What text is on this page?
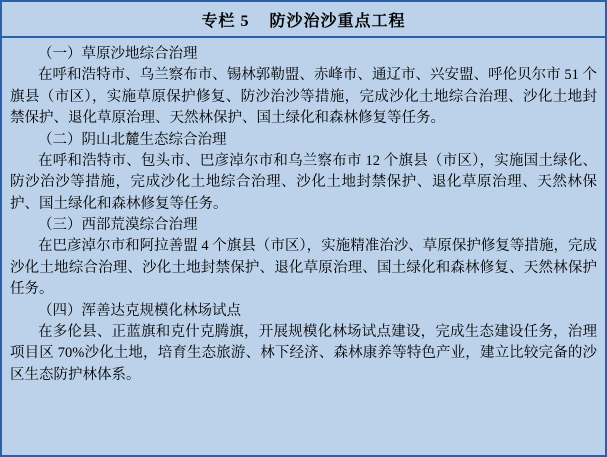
专栏 5    防沙治沙重点工程

（一）草原沙地综合治理

在呼和浩特市、乌兰察布市、锡林郭勒盟、赤峰市、通辽市、兴安盟、呼伦贝尔市 51 个旗县（市区），实施草原保护修复、防沙治沙等措施，完成沙化土地综合治理、沙化土地封禁保护、退化草原治理、天然林保护、国土绿化和森林修复等任务。

（二）阴山北麓生态综合治理

在呼和浩特市、包头市、巴彦淖尔市和乌兰察布市 12 个旗县（市区），实施国土绿化、防沙治沙等措施，完成沙化土地综合治理、沙化土地封禁保护、退化草原治理、天然林保护、国土绿化和森林修复等任务。

（三）西部荒漠综合治理

在巴彦淖尔市和阿拉善盟 4 个旗县（市区），实施精准治沙、草原保护修复等措施，完成沙化土地综合治理、沙化土地封禁保护、退化草原治理、国土绿化和森林修复、天然林保护任务。

（四）浑善达克规模化林场试点

在多伦县、正蓝旗和克什克腾旗，开展规模化林场试点建设，完成生态建设任务，治理项目区 70%沙化土地，培育生态旅游、林下经济、森林康养等特色产业，建立比较完备的沙区生态防护林体系。
